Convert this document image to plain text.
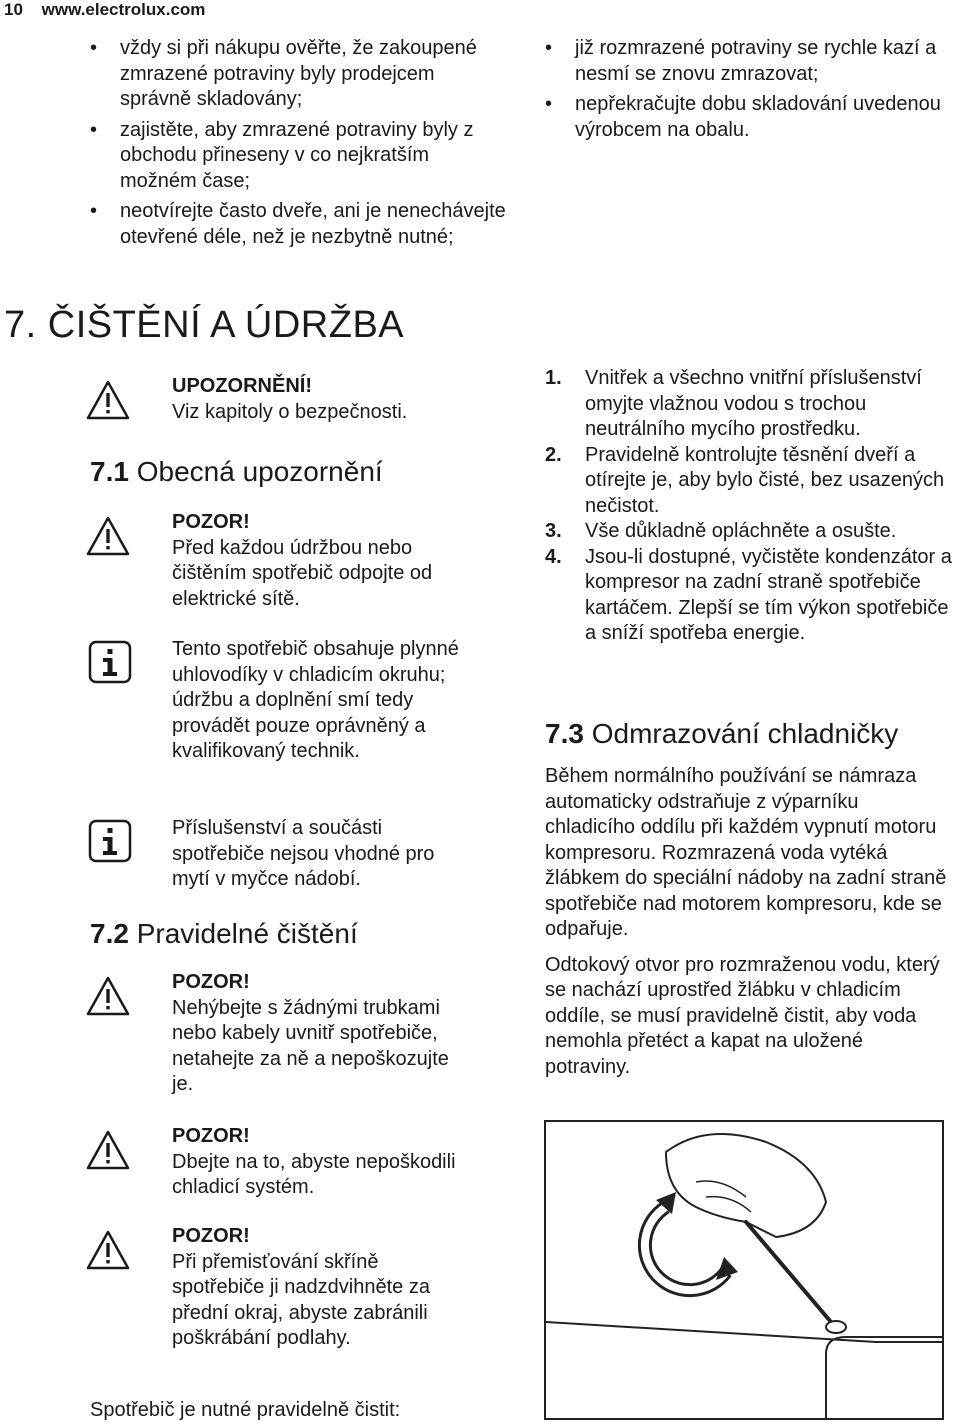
10 www.electrolux.com
• vždy si při nákupu ověřte, že zakoupené zmrazené potraviny byly prodejcem správně skladovány;
• zajistěte, aby zmrazené potraviny byly z obchodu přineseny v co nejkratším možném čase;
• neotvírejte často dveře, ani je nenechávejte otevřené déle, než je nezbytně nutné;
• již rozmrazené potraviny se rychle kazí a nesmí se znovu zmrazovat;
• nepřekračujte dobu skladování uvedenou výrobcem na obalu.
7. ČIŠTĚNÍ A ÚDRŽBA
UPOZORNĚNÍ!
Viz kapitoly o bezpečnosti.
7.1 Obecná upozornění
POZOR!
Před každou údržbou nebo čištěním spotřebič odpojte od elektrické sítě.
Tento spotřebič obsahuje plynné uhlovodíky v chladicím okruhu; údržbu a doplnění smí tedy provádět pouze oprávněný a kvalifikovaný technik.
Příslušenství a součásti spotřebiče nejsou vhodné pro mytí v myčce nádobí.
7.2 Pravidelné čištění
POZOR!
Nehýbejte s žádnými trubkami nebo kabely uvnitř spotřebiče, netahejte za ně a nepoškozujte je.
POZOR!
Dbejte na to, abyste nepoškodili chladicí systém.
POZOR!
Při přemisťování skříně spotřebiče ji nadzdvihněte za přední okraj, abyste zabránili poškrábání podlahy.
Spotřebič je nutné pravidelně čistit:
1. Vnitřek a všechno vnitřní příslušenství omyjte vlažnou vodou s trochou neutrálního mycího prostředku.
2. Pravidelně kontrolujte těsnění dveří a otírejte je, aby bylo čisté, bez usazených nečistot.
3. Vše důkladně opláchněte a osušte.
4. Jsou-li dostupné, vyčistěte kondenzátor a kompresor na zadní straně spotřebiče kartáčem. Zlepší se tím výkon spotřebiče a sníží spotřeba energie.
7.3 Odmrazování chladničky

Během normálního používání se námraza automaticky odstraňuje z výparníku chladicího oddílu při každém vypnutí motoru kompresoru. Rozmrazená voda vytéká žlábkem do speciální nádoby na zadní straně spotřebiče nad motorem kompresoru, kde se odpařuje.

Odtokový otvor pro rozmraženou vodu, který se nachází uprostřed žlábku v chladicím oddíle, se musí pravidelně čistit, aby voda nemohla přetéct a kapat na uložené potraviny.
